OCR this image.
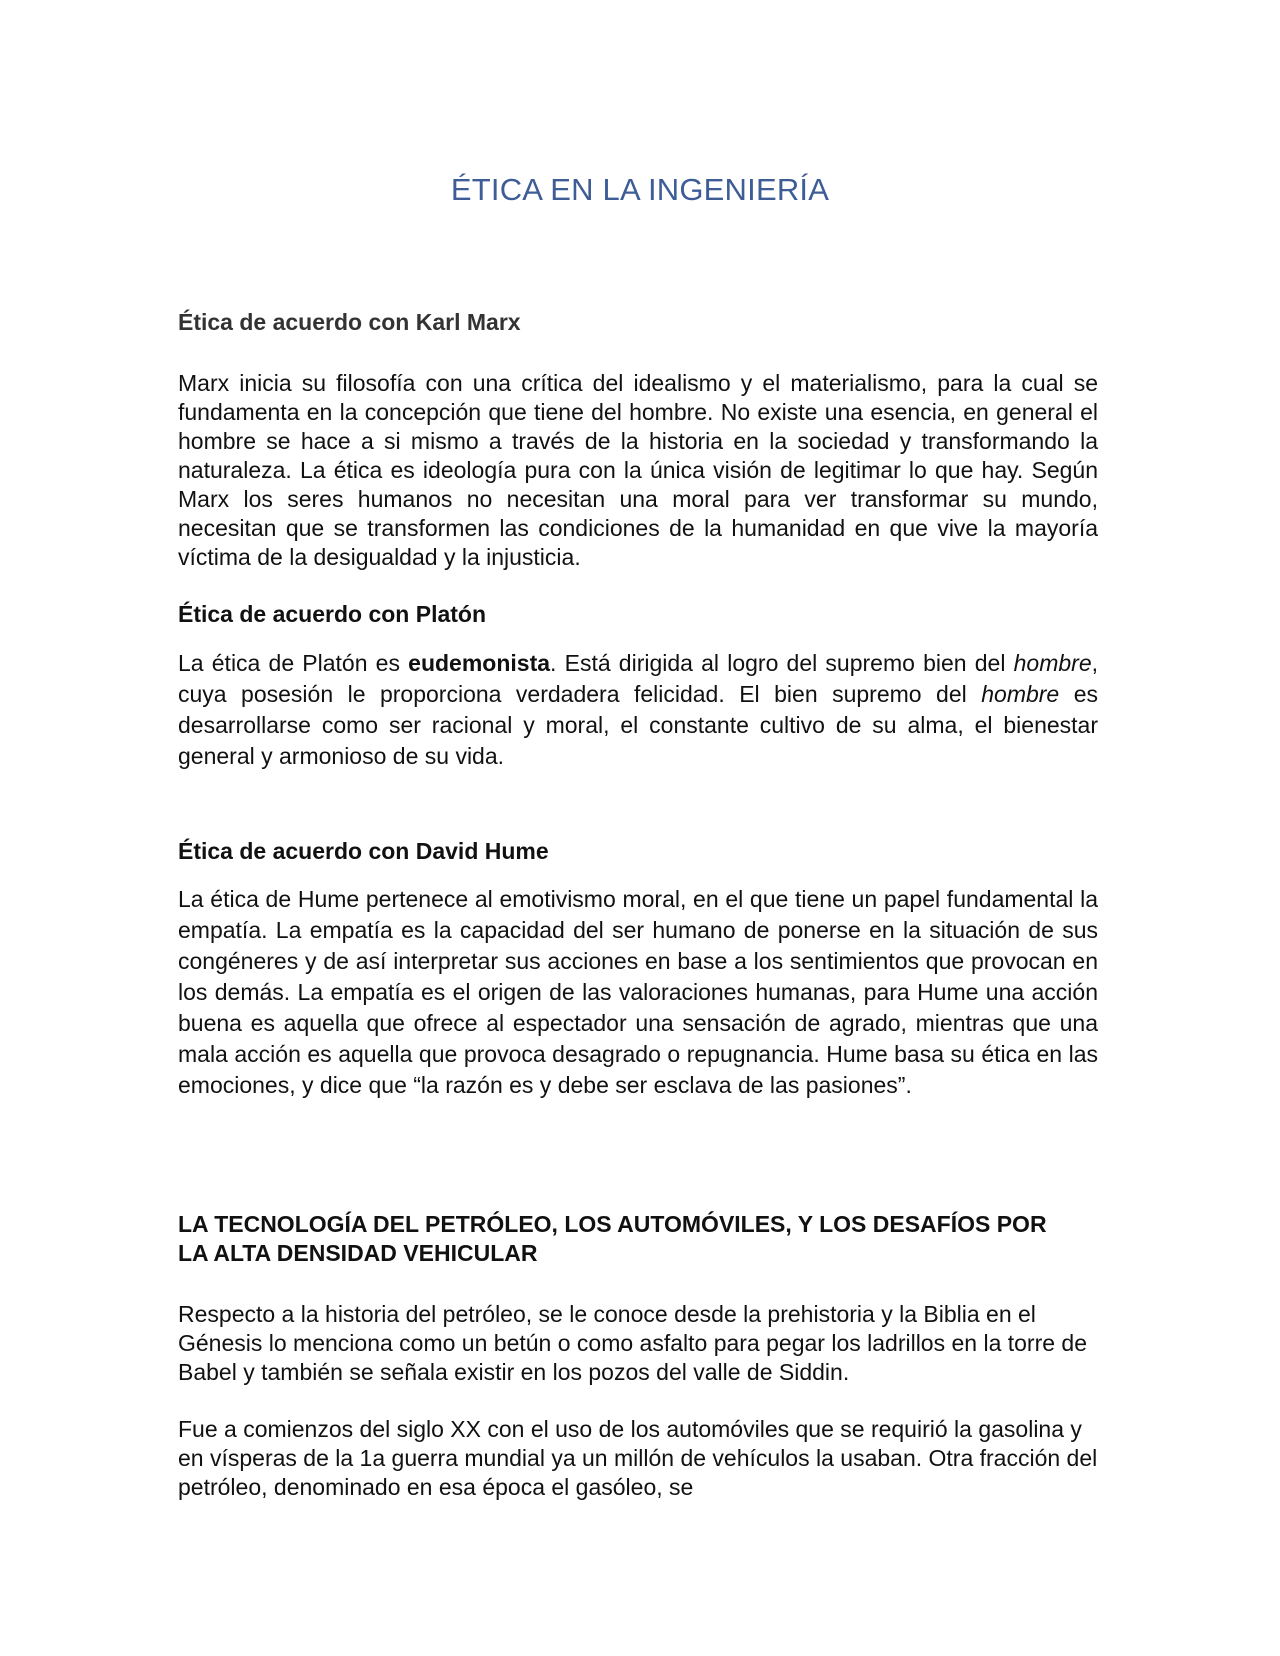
ÉTICA EN LA INGENIERÍA
Ética de acuerdo con Karl Marx

Marx inicia su filosofía con una crítica del idealismo y el materialismo, para la cual se fundamenta en la concepción que tiene del hombre. No existe una esencia, en general el hombre se hace a si mismo a través de la historia en la sociedad y transformando la naturaleza. La ética es ideología pura con la única visión de legitimar lo que hay. Según Marx los seres humanos no necesitan una moral para ver transformar su mundo, necesitan que se transformen las condiciones de la humanidad en que vive la mayoría víctima de la desigualdad y la injusticia.

Ética de acuerdo con Platón

La ética de Platón es eudemonista. Está dirigida al logro del supremo bien del hombre, cuya posesión le proporciona verdadera felicidad. El bien supremo del hombre es desarrollarse como ser racional y moral, el constante cultivo de su alma, el bienestar general y armonioso de su vida.

Ética de acuerdo con David Hume

La ética de Hume pertenece al emotivismo moral, en el que tiene un papel fundamental la empatía. La empatía es la capacidad del ser humano de ponerse en la situación de sus congéneres y de así interpretar sus acciones en base a los sentimientos que provocan en los demás. La empatía es el origen de las valoraciones humanas, para Hume una acción buena es aquella que ofrece al espectador una sensación de agrado, mientras que una mala acción es aquella que provoca desagrado o repugnancia. Hume basa su ética en las emociones, y dice que “la razón es y debe ser esclava de las pasiones”.

LA TECNOLOGÍA DEL PETRÓLEO, LOS AUTOMÓVILES, Y LOS DESAFÍOS POR LA ALTA DENSIDAD VEHICULAR

Respecto a la historia del petróleo, se le conoce desde la prehistoria y la Biblia en el Génesis lo menciona como un betún o como asfalto para pegar los ladrillos en la torre de Babel y también se señala existir en los pozos del valle de Siddin.

Fue a comienzos del siglo XX con el uso de los automóviles que se requirió la gasolina y en vísperas de la 1a guerra mundial ya un millón de vehículos la usaban. Otra fracción del petróleo, denominado en esa época el gasóleo, se
